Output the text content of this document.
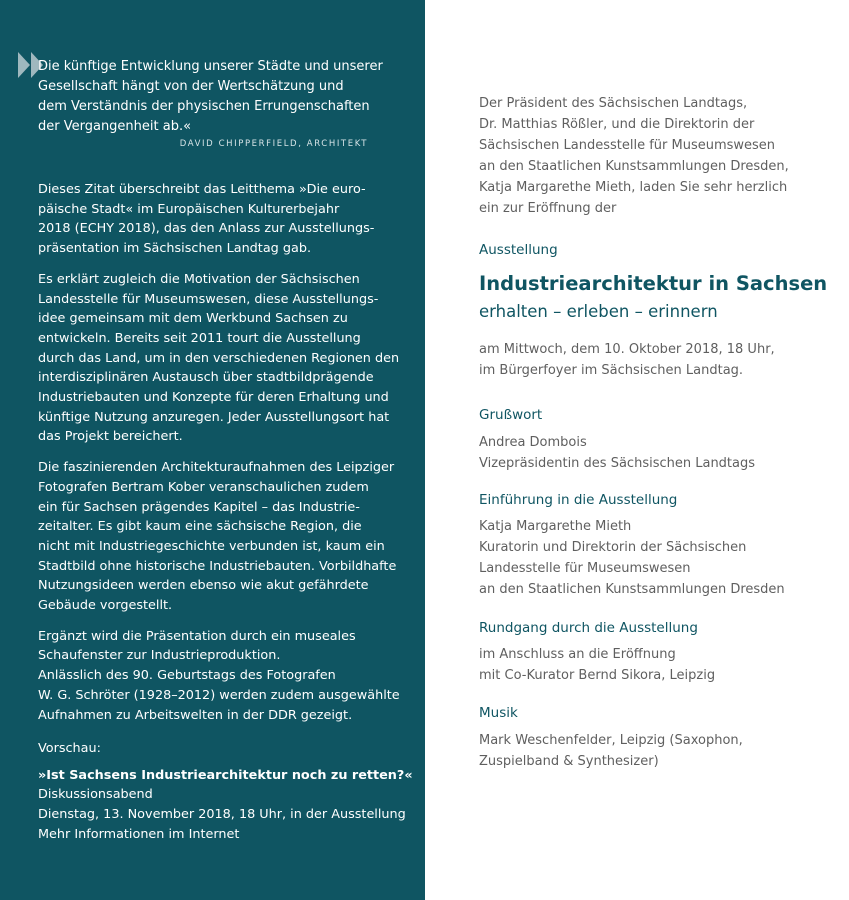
Die künftige Entwicklung unserer Städte und unserer

Gesellschaft hängt von der Wertschätzung und

dem Verständnis der physischen Errungenschaften

der Vergangenheit ab.«

DAVID CHIPPERFIELD, ARCHITEKT

Dieses Zitat überschreibt das Leitthema »Die euro-
päische Stadt« im Europäischen Kulturerbejahr
2018 (ECHY 2018), das den Anlass zur Ausstellungs-
präsentation im Sächsischen Landtag gab.

Es erklärt zugleich die Motivation der Sächsischen
Landesstelle für Museumswesen, diese Ausstellungs-
idee gemeinsam mit dem Werkbund Sachsen zu
entwickeln. Bereits seit 2011 tourt die Ausstellung
durch das Land, um in den verschiedenen Regionen den
interdisziplinären Austausch über stadtbildprägende
Industriebauten und Konzepte für deren Erhaltung und
künftige Nutzung anzuregen. Jeder Ausstellungsort hat
das Projekt bereichert.

Die faszinierenden Architekturaufnahmen des Leipziger
Fotografen Bertram Kober veranschaulichen zudem
ein für Sachsen prägendes Kapitel – das Industrie-
zeitalter. Es gibt kaum eine sächsische Region, die
nicht mit Industriegeschichte verbunden ist, kaum ein
Stadtbild ohne historische Industriebauten. Vorbildhafte
Nutzungsideen werden ebenso wie akut gefährdete
Gebäude vorgestellt.

Ergänzt wird die Präsentation durch ein museales
Schaufenster zur Industrieproduktion.
Anlässlich des 90. Geburtstags des Fotografen
W. G. Schröter (1928–2012) werden zudem ausgewählte
Aufnahmen zu Arbeitswelten in der DDR gezeigt.

Vorschau:
»Ist Sachsens Industriearchitektur noch zu retten?«
Diskussionsabend
Dienstag, 13. November 2018, 18 Uhr, in der Ausstellung
Mehr Informationen im Internet
Der Präsident des Sächsischen Landtags,
Dr. Matthias Rößler, und die Direktorin der
Sächsischen Landesstelle für Museumswesen
an den Staatlichen Kunstsammlungen Dresden,
Katja Margarethe Mieth, laden Sie sehr herzlich
ein zur Eröffnung der
Ausstellung
Industriearchitektur in Sachsen
erhalten – erleben – erinnern
am Mittwoch, dem 10. Oktober 2018, 18 Uhr,
im Bürgerfoyer im Sächsischen Landtag.
Grußwort
Andrea Dombois
Vizepräsidentin des Sächsischen Landtags
Einführung in die Ausstellung
Katja Margarethe Mieth
Kuratorin und Direktorin der Sächsischen
Landesstelle für Museumswesen
an den Staatlichen Kunstsammlungen Dresden
Rundgang durch die Ausstellung
im Anschluss an die Eröffnung
mit Co-Kurator Bernd Sikora, Leipzig
Musik
Mark Weschenfelder, Leipzig (Saxophon,
Zuspielband & Synthesizer)
